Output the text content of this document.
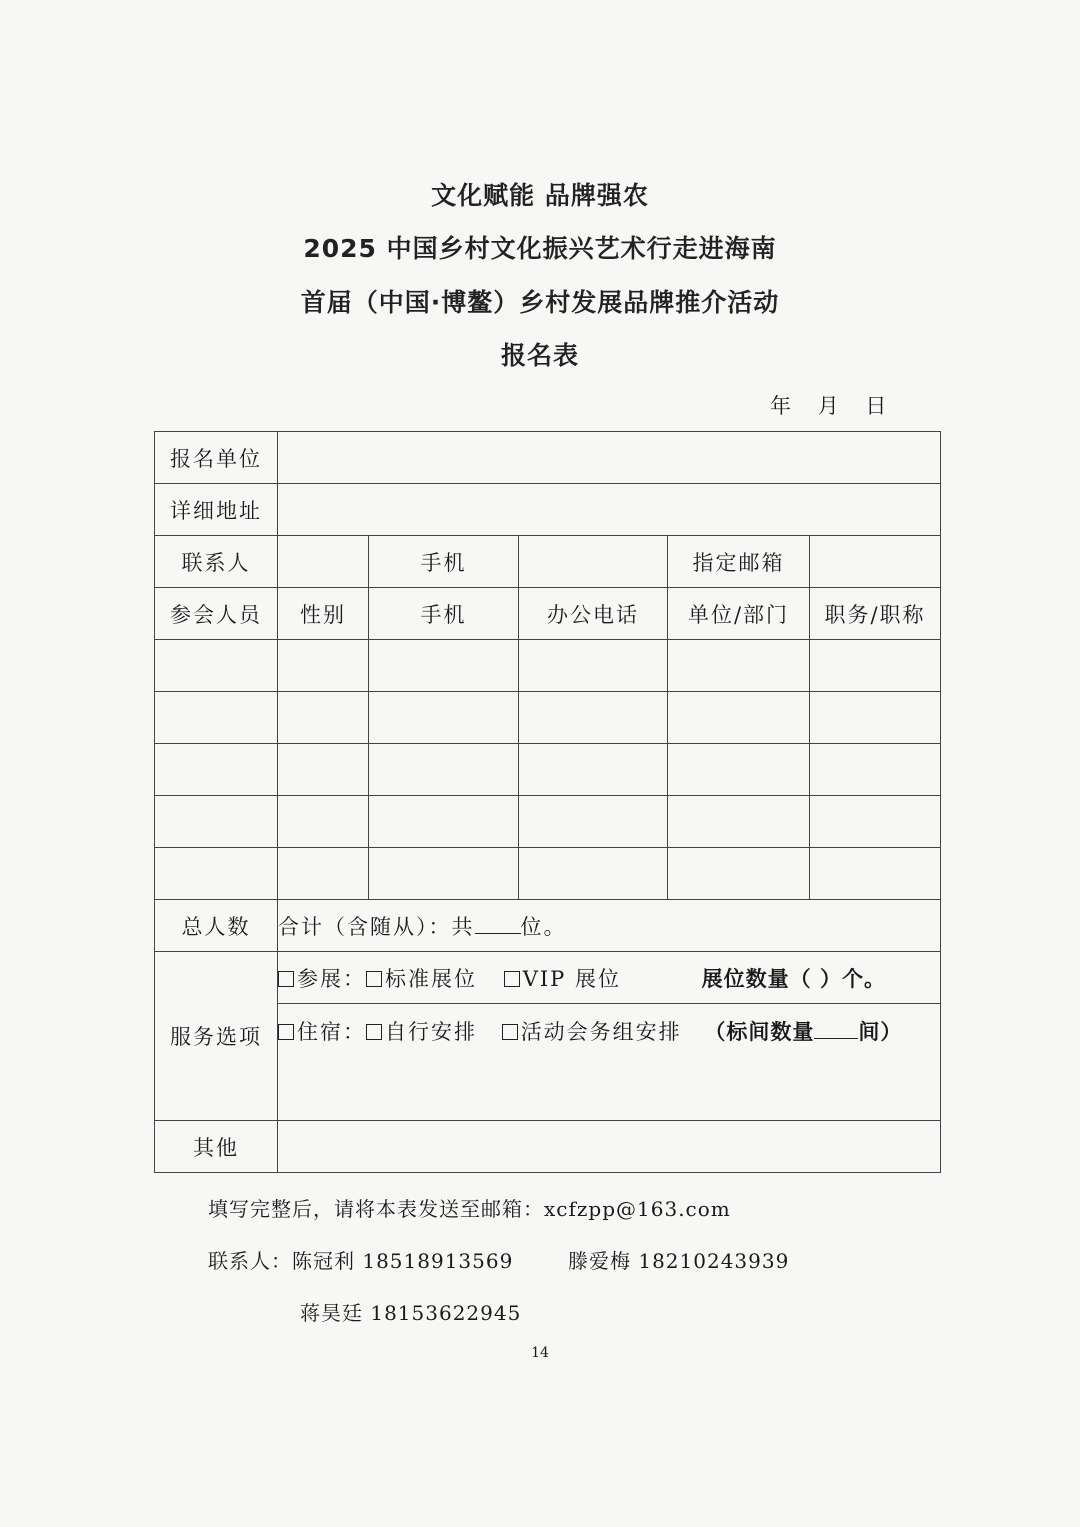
文化赋能 品牌强农
2025 中国乡村文化振兴艺术行走进海南
首届（中国·博鳌）乡村发展品牌推介活动
报名表
年 月 日
报名单位					
详细地址					
联系人		手机		指定邮箱	
参会人员	性别	手机	办公电话	单位/部门	职务/职称

总人数	合计（含随从）：共 位。				
服务选项	参展： 标准展位 VIP 展位 展位数量（ ）个。				
	住宿： 自行安排 活动会务组安排 （标间数量 间）				
其他					
填写完整后，请将本表发送至邮箱：xcfzpp@163.com
联系人：陈冠利 18518913569	滕爱梅 18210243939
蒋昊廷 18153622945
14
